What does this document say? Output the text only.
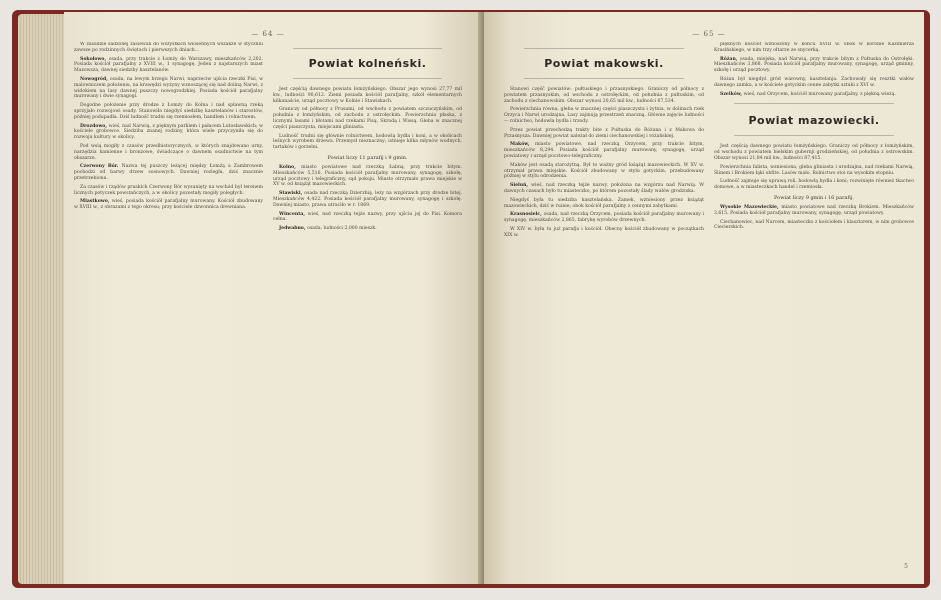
— 64 —

W zasadzie sadzonej zasiewali do wszystkich wiosennych wszakże w styczniu zawsze po rodzinnych świętach i pierwszych dniach...

Sokołowo, osada, przy trakcie z Łomży do Warszawy, mieszkańców 2,202. Posiada kościół parafjalny z XVIII w., 1 synagogę. Jeden z najstarszych miast Mazowsza, dawnej siedziby kasztelanów.

Nowogród, osada, na lewym brzegu Narwi, naprzeciw ujścia rzeczki Pisi, w malowniczem położeniu, na krawędzi wyżyny wznoszącej się nad doliną Narwi, z widokiem na lasy dawnej puszczy nowogrodzkiej. Posiada kościół parafjalny murowany i dwie synagogi.

Dogodne położenie przy drodze z Łomży do Kolna i nad spławną rzeką sprzyjało rozwojowi osady. Stanowiła niegdyś siedzibę kasztelanów i starostów, później podupadła. Dziś ludność trudni się rzemiosłem, handlem i rolnictwem.

Drozdowo, wieś, nad Narwią, z pięknym parkiem i pałacem Lutosławskich; w kościele grobowce. Siedziba znanej rodziny, która wiele przyczyniła się do rozwoju kultury w okolicy.

Pod wsią mogiły z czasów przedhistorycznych, w których znajdowano urny, narzędzia kamienne i bronzowe, świadczące o dawnem osadnictwie na tym obszarze.

Czerwony Bór. Nazwa tej puszczy leżącej między Łomżą a Zambrowem pochodzi od barwy drzew sosnowych. Dawniej rozległa, dziś znacznie przetrzebiona.

Za czasów i rządów pruskich Czerwony Bór wysunięty na wschód był terenem licznych potyczek powstańczych, a w okolicy pozostały mogiły poległych.

Miastkowo, wieś, posiada kościół parafjalny murowany. Kościół zbudowany w XVIII w., z obrazami z tego okresu; przy kościele dzwonnica drewniana.

Powiat kolneński.

Jest częścią dawnego powiatu łomżyńskiego. Obszar jego wynosi 27,77 mil kw., ludności 90,612. Ziemi posiada kościół parafjalny, szkół elementarnych kilkanaście, urząd pocztowy w Kolnie i Stawiskach.

Graniczy od północy z Prusami, od wschodu z powiatem szczuczyńskim, od południa z łomżyńskim, od zachodu z ostrołęckim. Powierzchnia płaska, z licznymi lasami i błotami nad rzekami Pisą, Skrodą i Wissą. Gleba w znacznej części piaszczysta, miejscami gliniasta.

Ludność trudni się głównie rolnictwem, hodowlą bydła i koni, a w okolicach leśnych wyrobem drzewa. Przemysł nieznaczny; istnieje kilka młynów wodnych, tartaków i gorzelni.

Powiat liczy 11 parafij i 9 gmin.

Kolno, miasto powiatowe nad rzeczką Łabną, przy trakcie bitym. Mieszkańców 5,516. Posiada kościół parafjalny murowany, synagogę, szkołę, urząd pocztowy i telegraficzny, sąd pokoju. Miasto otrzymało prawa miejskie w XV w. od książąt mazowieckich.

Stawiski, osada nad rzeczką Dzierzbią, leży na wzgórzach przy drodze bitej. Mieszkańców 4,422. Posiada kościół parafjalny murowany, synagogę i szkołę. Dawniej miasto, prawa utraciło w r. 1869.

Wincenta, wieś, nad rzeczką tejże nazwy, przy ujściu jej do Pisi. Komora celna.

Jedwabno, osada, ludności 2,000 mieszk.

— 65 —
Powiat makowski.

Stanowi część powiatów: pułtuskiego i przasnyskiego. Graniczy od północy z powiatem przasnyskim, od wschodu z ostrołęckim, od południa z pułtuskim, od zachodu z ciechanowskim. Obszar wynosi 20,65 mil kw., ludności 67,534.

Powierzchnia równa, gleba w znacznej części piaszczysta i żytnia, w dolinach rzek Orzyca i Narwi urodzajna. Lasy zajmują przestrzeń znaczną. Główne zajęcie ludności — rolnictwo, hodowla bydła i trzody.

Przez powiat przechodzą trakty bite z Pułtuska do Różana i z Makowa do Przasnysza. Dawniej powiat należał do ziemi ciechanowskiej i różańskiej.

Maków, miasto powiatowe, nad rzeczką Orzycem, przy trakcie bitym, mieszkańców 8,294. Posiada kościół parafjalny murowany, synagogę, urząd powiatowy i urząd pocztowo-telegraficzny.

Maków jest osadą starożytną. Był to ważny gród książąt mazowieckich. W XV w. otrzymał prawa miejskie. Kościół zbudowany w stylu gotyckim, przebudowany później w stylu odrodzenia.

Sieluń, wieś, nad rzeczką tejże nazwy, położona na wzgórzu nad Narwią. W dawnych czasach było tu miasteczko, po którem pozostały ślady wałów grodziska.

Niegdyś była tu siedziba kasztelańska. Zamek, wzniesiony przez książąt mazowieckich, dziś w ruinie; obok kościół parafjalny z cennymi zabytkami.

Krasnosielc, osada, nad rzeczką Orzycem, posiada kościół parafjalny murowany i synagogę, mieszkańców 2,865, fabrykę wyrobów drzewnych.

W XIV w. była tu już parafja i kościół. Obecny kościół zbudowany w początkach XIX w.

pięknych kościół wznoszony w końcu XVIII w. obok w koronie Kazimierza Krasińskiego, w nim trzy ołtarze ze snycerką.

Różan, osada, miejska, nad Narwią, przy trakcie bitym z Pułtuska do Ostrołęki. Mieszkańców 3,868. Posiada kościół parafjalny murowany, synagogę, urząd gminny, szkołę i urząd pocztowy.

Różan był niegdyś gród warowny, kasztelanja. Zachowały się resztki wałów dawnego zamku, a w kościele gotyckim cenne zabytki sztuki z XVI w.

Szelków, wieś, nad Orzycem, kościół murowany parafjalny, z piękną wieżą.

Powiat mazowiecki.

Jest częścią dawnego powiatu łomżyńskiego. Graniczy od północy z łomżyńskim, od wschodu z powiatem bielskim gubernji grodzieńskiej, od południa z ostrowskim. Obszar wynosi 21,84 mil kw., ludności 87,415.

Powierzchnia falista, wzniesiona, gleba gliniasta i urodzajna, nad rzekami Narwią, Ślinem i Brokiem łąki obfite. Lasów mało. Rolnictwo stoi na wysokim stopniu.

Ludność zajmuje się uprawą roli, hodowlą bydła i koni; rozwinięte również tkactwo domowe, a w miasteczkach handel i rzemiosła.

Powiat liczy 9 gmin i 16 parafij.

Wysokie Mazowieckie, miasto powiatowe nad rzeczką Brokiem. Mieszkańców 3,615. Posiada kościół parafjalny murowany, synagogę, urząd powiatowy.

Ciechanowiec, nad Nurcem, miasteczko z kościołem i klasztorem, w nim grobowce Ciecierskich.

5
